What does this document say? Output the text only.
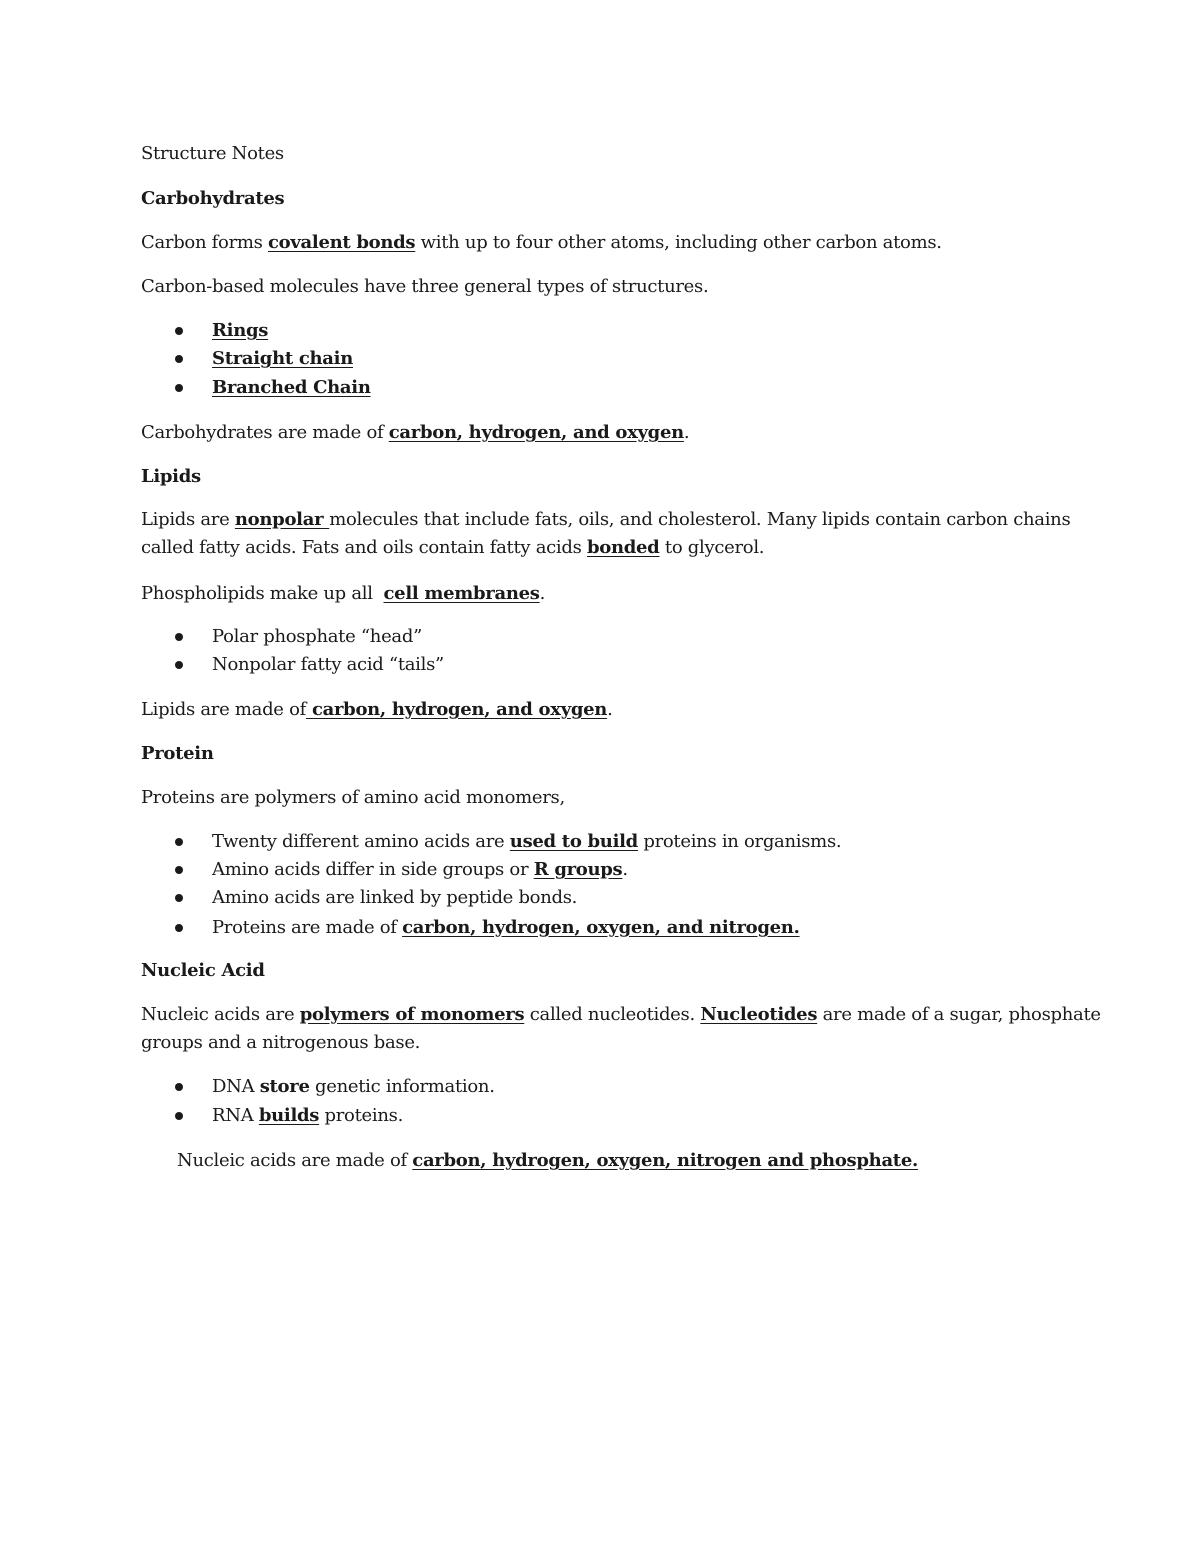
Structure Notes

Carbohydrates

Carbon forms covalent bonds with up to four other atoms, including other carbon atoms.

Carbon-based molecules have three general types of structures.

Rings
Straight chain
Branched Chain

Carbohydrates are made of carbon, hydrogen, and oxygen.

Lipids

Lipids are nonpolar molecules that include fats, oils, and cholesterol. Many lipids contain carbon chains

called fatty acids. Fats and oils contain fatty acids bonded to glycerol.

Phospholipids make up all  cell membranes.

Polar phosphate “head”
Nonpolar fatty acid “tails”

Lipids are made of carbon, hydrogen, and oxygen.

Protein

Proteins are polymers of amino acid monomers,

Twenty different amino acids are used to build proteins in organisms.
Amino acids differ in side groups or R groups.
Amino acids are linked by peptide bonds.
Proteins are made of carbon, hydrogen, oxygen, and nitrogen.

Nucleic Acid

Nucleic acids are polymers of monomers called nucleotides. Nucleotides are made of a sugar, phosphate

groups and a nitrogenous base.

DNA store genetic information.
RNA builds proteins.

Nucleic acids are made of carbon, hydrogen, oxygen, nitrogen and phosphate.
